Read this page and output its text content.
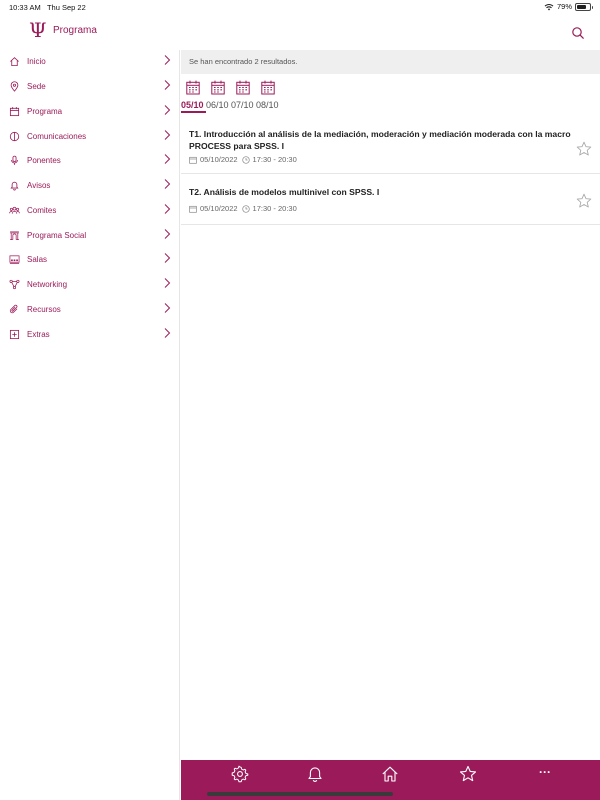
10:33 AM Thu Sep 22	79%
Ψ Programa
Inicio
Sede
Programa
Comunicaciones
Ponentes
Avisos
Comites
Programa Social
Salas
Networking
Recursos
Extras
Se han encontrado 2 resultados.
05/10 06/10 07/10 08/10
T1. Introducción al análisis de la mediación, moderación y mediación moderada con la macro PROCESS para SPSS. I
05/10/2022 17:30 - 20:30
T2. Análisis de modelos multinivel con SPSS. I
05/10/2022 17:30 - 20:30
···
